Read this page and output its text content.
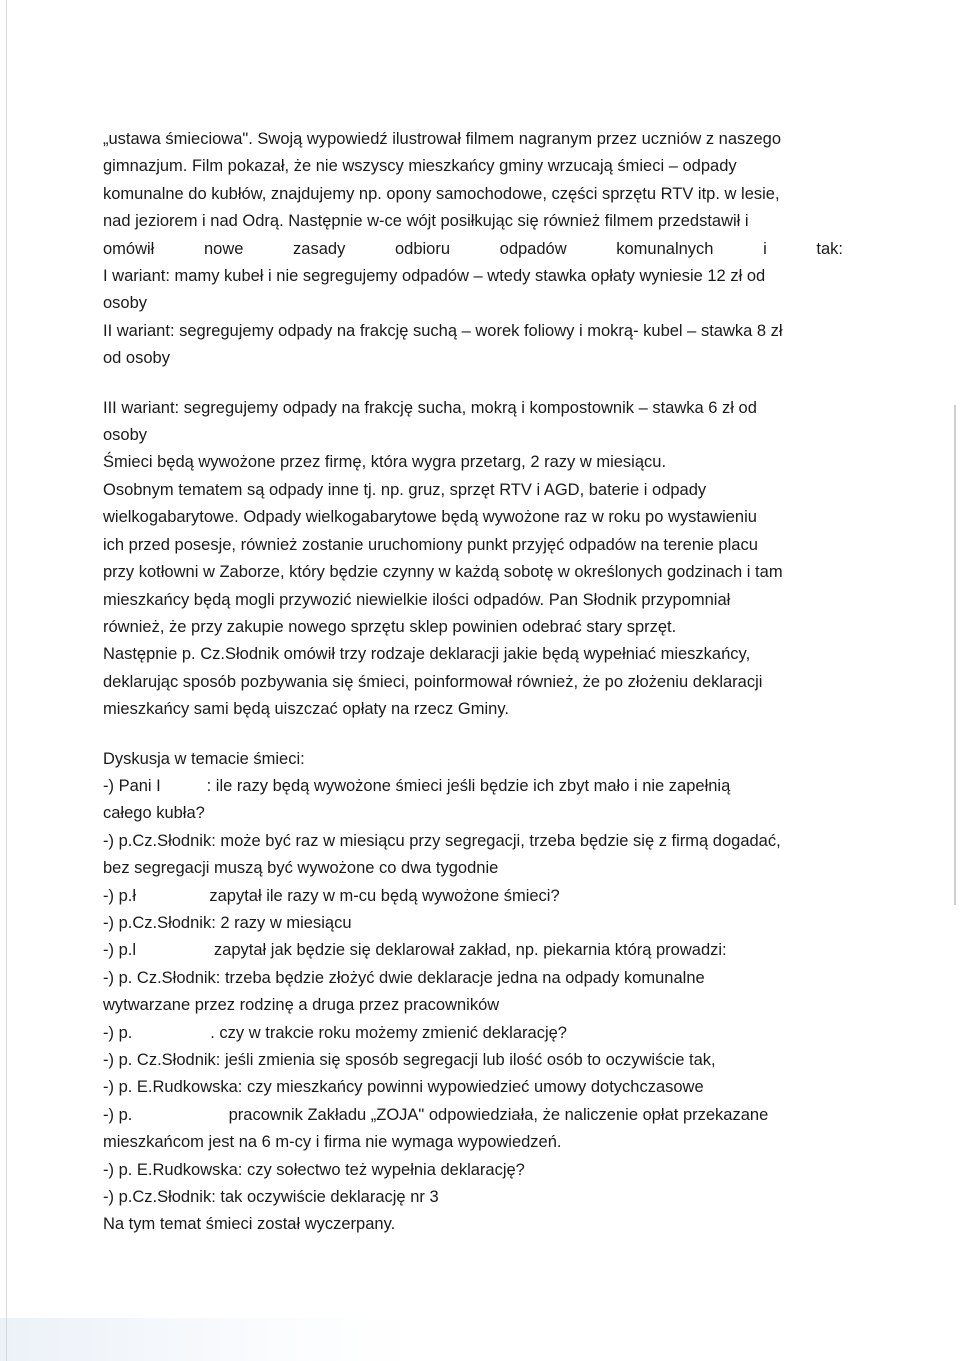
„ustawa śmieciowa". Swoją wypowiedź ilustrował filmem nagranym przez uczniów z naszego
gimnazjum. Film pokazał, że nie wszyscy mieszkańcy gminy wrzucają śmieci – odpady
komunalne do kubłów, znajdujemy np. opony samochodowe, części sprzętu RTV itp. w lesie,
nad jeziorem i nad Odrą. Następnie w-ce wójt posiłkując się również filmem przedstawił i
omówił nowe zasady odbioru odpadów komunalnych i tak:
I wariant: mamy kubeł i nie segregujemy odpadów – wtedy stawka opłaty wyniesie 12 zł od
osoby
II wariant: segregujemy odpady na frakcję suchą – worek foliowy i mokrą- kubel – stawka 8 zł
od osoby
III wariant: segregujemy odpady na frakcję sucha, mokrą i kompostownik – stawka 6 zł od
osoby
Śmieci będą wywożone przez firmę, która wygra przetarg, 2 razy w miesiącu.
Osobnym tematem są odpady inne tj. np. gruz, sprzęt RTV i AGD, baterie i odpady
wielkogabarytowe. Odpady wielkogabarytowe będą wywożone raz w roku po wystawieniu
ich przed posesje, również zostanie uruchomiony punkt przyjęć odpadów na terenie placu
przy kotłowni w Zaborze, który będzie czynny w każdą sobotę w określonych godzinach i tam
mieszkańcy będą mogli przywozić niewielkie ilości odpadów. Pan Słodnik przypomniał
również, że przy zakupie nowego sprzętu sklep powinien odebrać stary sprzęt.
Następnie p. Cz.Słodnik omówił trzy rodzaje deklaracji jakie będą wypełniać mieszkańcy,
deklarując sposób pozbywania się śmieci, poinformował również, że po złożeniu deklaracji
mieszkańcy sami będą uiszczać opłaty na rzecz Gminy.
Dyskusja w temacie śmieci:
-) Pani I          : ile razy będą wywożone śmieci jeśli będzie ich zbyt mało i nie zapełnią
całego kubła?
-) p.Cz.Słodnik: może być raz w miesiącu przy segregacji, trzeba będzie się z firmą dogadać,
bez segregacji muszą być wywożone co dwa tygodnie
-) p.ł                zapytał ile razy w m-cu będą wywożone śmieci?
-) p.Cz.Słodnik: 2 razy w miesiącu
-) p.l                 zapytał jak będzie się deklarował zakład, np. piekarnia którą prowadzi:
-) p. Cz.Słodnik: trzeba będzie złożyć dwie deklaracje jedna na odpady komunalne
wytwarzane przez rodzinę a druga przez pracowników
-) p.                 . czy w trakcie roku możemy zmienić deklarację?
-) p. Cz.Słodnik: jeśli zmienia się sposób segregacji lub ilość osób to oczywiście tak,
-) p. E.Rudkowska: czy mieszkańcy powinni wypowiedzieć umowy dotychczasowe
-) p.                     pracownik Zakładu „ZOJA" odpowiedziała, że naliczenie opłat przekazane
mieszkańcom jest na 6 m-cy i firma nie wymaga wypowiedzeń.
-) p. E.Rudkowska: czy sołectwo też wypełnia deklarację?
-) p.Cz.Słodnik: tak oczywiście deklarację nr 3
Na tym temat śmieci został wyczerpany.
